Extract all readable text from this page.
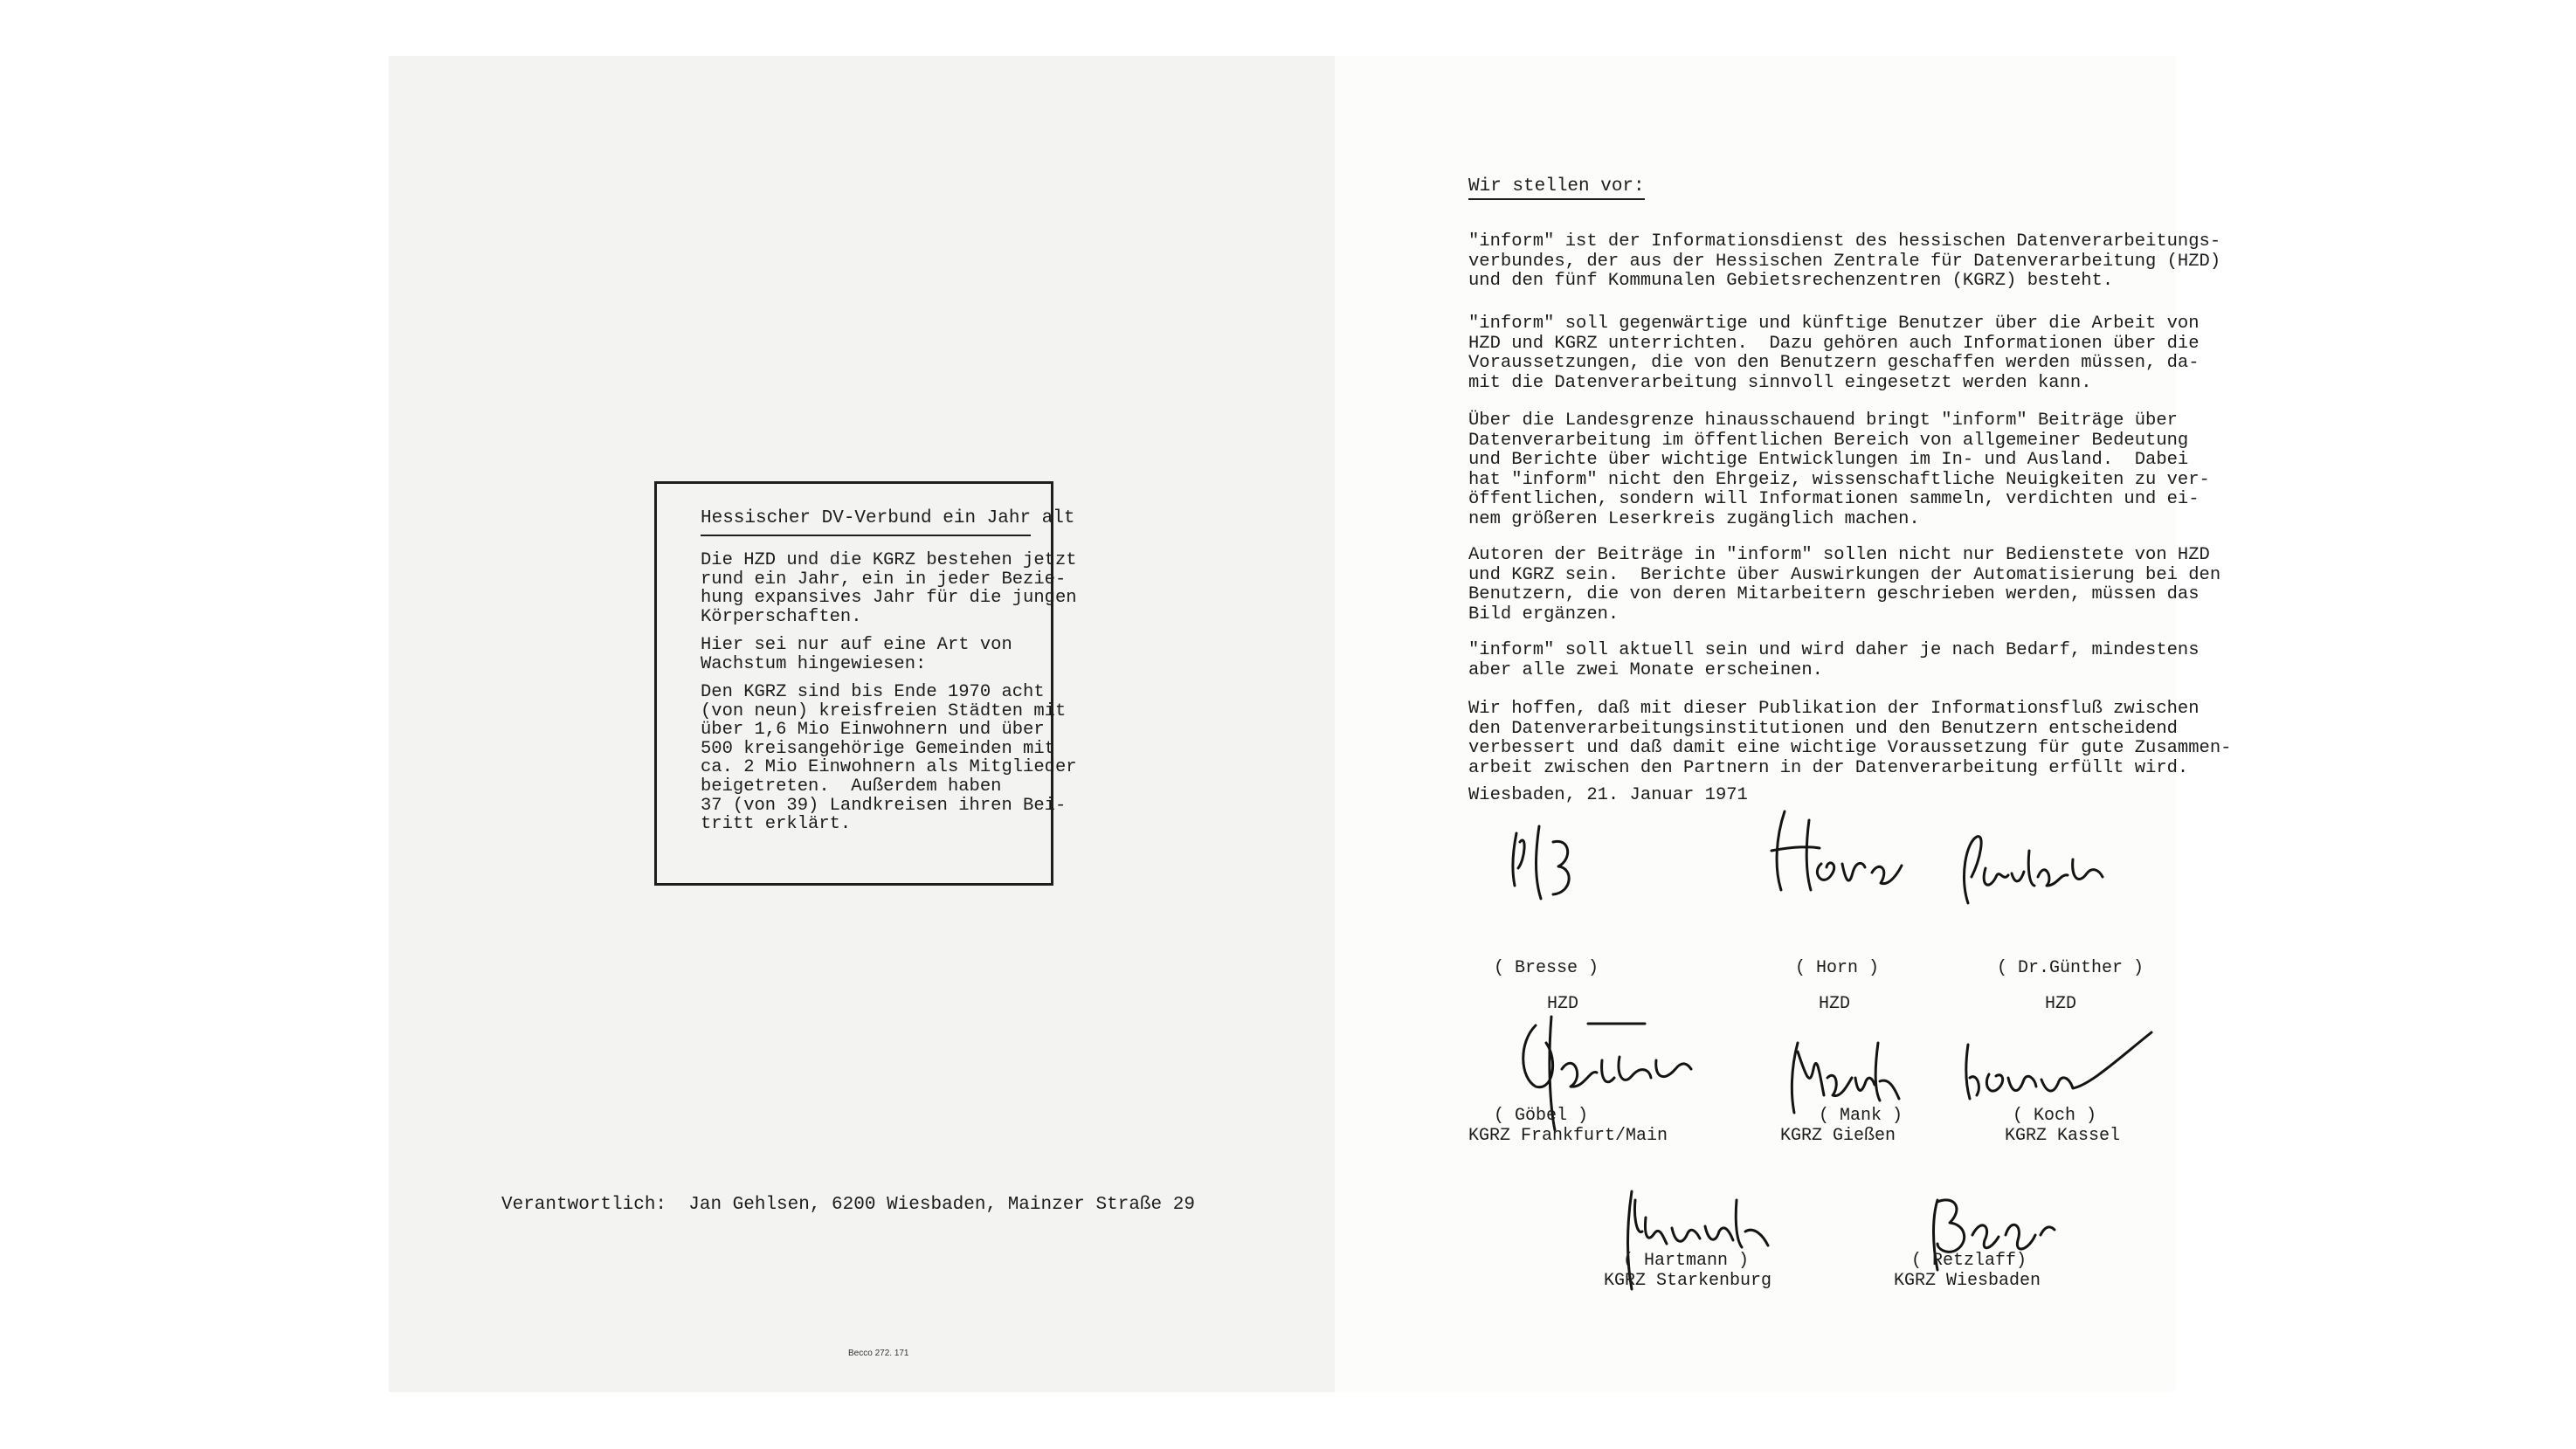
Hessischer DV-Verbund ein Jahr alt
Die HZD und die KGRZ bestehen jetzt
rund ein Jahr, ein in jeder Bezie-
hung expansives Jahr für die jungen
Körperschaften.
Hier sei nur auf eine Art von
Wachstum hingewiesen:
Den KGRZ sind bis Ende 1970 acht
(von neun) kreisfreien Städten mit
über 1,6 Mio Einwohnern und über
500 kreisangehörige Gemeinden mit
ca. 2 Mio Einwohnern als Mitglieder
beigetreten.  Außerdem haben
37 (von 39) Landkreisen ihren Bei-
tritt erklärt.
Verantwortlich:  Jan Gehlsen, 6200 Wiesbaden, Mainzer Straße 29
Becco 272. 171
Wir stellen vor:
"inform" ist der Informationsdienst des hessischen Datenverarbeitungs-
verbundes, der aus der Hessischen Zentrale für Datenverarbeitung (HZD)
und den fünf Kommunalen Gebietsrechenzentren (KGRZ) besteht.
"inform" soll gegenwärtige und künftige Benutzer über die Arbeit von
HZD und KGRZ unterrichten.  Dazu gehören auch Informationen über die
Voraussetzungen, die von den Benutzern geschaffen werden müssen, da-
mit die Datenverarbeitung sinnvoll eingesetzt werden kann.
Über die Landesgrenze hinausschauend bringt "inform" Beiträge über
Datenverarbeitung im öffentlichen Bereich von allgemeiner Bedeutung
und Berichte über wichtige Entwicklungen im In- und Ausland.  Dabei
hat "inform" nicht den Ehrgeiz, wissenschaftliche Neuigkeiten zu ver-
öffentlichen, sondern will Informationen sammeln, verdichten und ei-
nem größeren Leserkreis zugänglich machen.
Autoren der Beiträge in "inform" sollen nicht nur Bedienstete von HZD
und KGRZ sein.  Berichte über Auswirkungen der Automatisierung bei den
Benutzern, die von deren Mitarbeitern geschrieben werden, müssen das
Bild ergänzen.
"inform" soll aktuell sein und wird daher je nach Bedarf, mindestens
aber alle zwei Monate erscheinen.
Wir hoffen, daß mit dieser Publikation der Informationsfluß zwischen
den Datenverarbeitungsinstitutionen und den Benutzern entscheidend
verbessert und daß damit eine wichtige Voraussetzung für gute Zusammen-
arbeit zwischen den Partnern in der Datenverarbeitung erfüllt wird.
Wiesbaden, 21. Januar 1971
( Bresse )	( Horn )	( Dr.Günther )
HZD	HZD	HZD
( Göbel )	( Mank )	( Koch )
KGRZ Frankfurt/Main	KGRZ Gießen	KGRZ Kassel
( Hartmann )	( Retzlaff)
KGRZ Starkenburg	KGRZ Wiesbaden
